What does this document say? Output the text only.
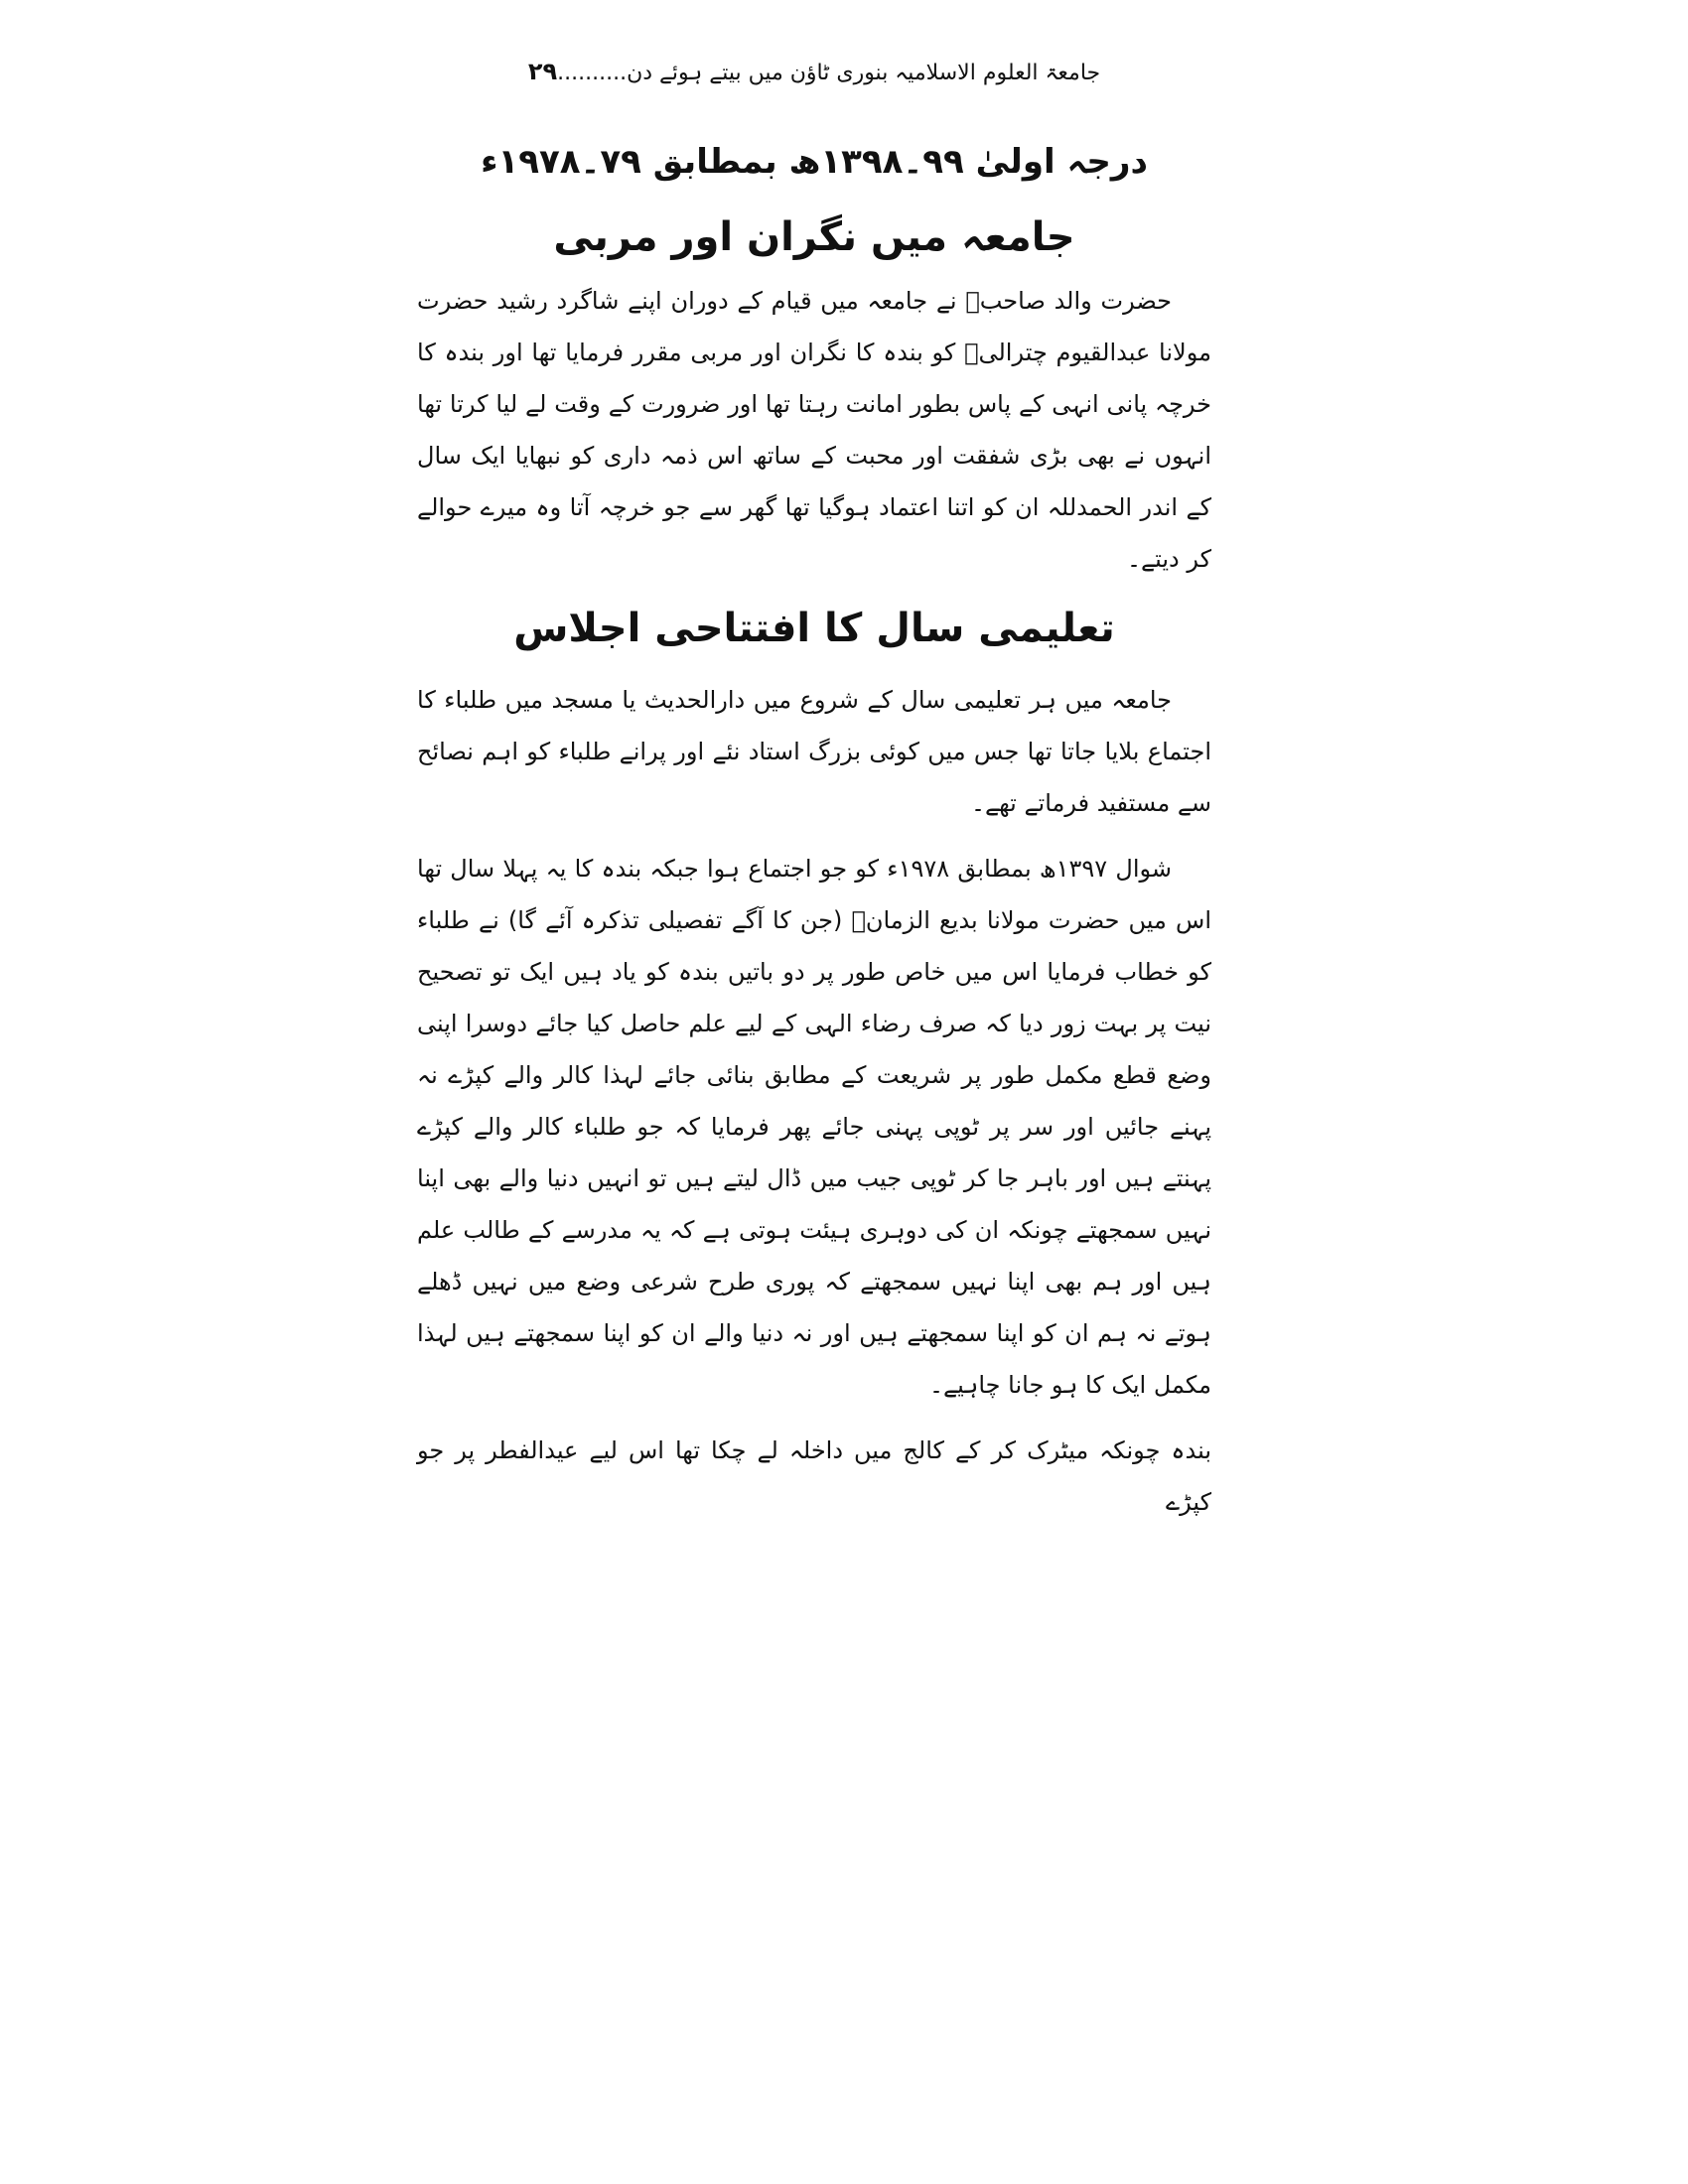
جامعۃ العلوم الاسلامیہ بنوری ٹاؤن میں بیتے ہوئے دن..........۲۹
درجہ اولیٰ ۹۹۔۱۳۹۸ھ بمطابق ۷۹۔۱۹۷۸ء
جامعہ میں نگران اور مربی

حضرت والد صاحبؒ نے جامعہ میں قیام کے دوران اپنے شاگرد رشید حضرت مولانا عبدالقیوم چترالیؒ کو بندہ کا نگران اور مربی مقرر فرمایا تھا اور بندہ کا خرچہ پانی انہی کے پاس بطور امانت رہتا تھا اور ضرورت کے وقت لے لیا کرتا تھا انہوں نے بھی بڑی شفقت اور محبت کے ساتھ اس ذمہ داری کو نبھایا ایک سال کے اندر الحمدللہ ان کو اتنا اعتماد ہوگیا تھا گھر سے جو خرچہ آتا وہ میرے حوالے کر دیتے۔

تعلیمی سال کا افتتاحی اجلاس

جامعہ میں ہر تعلیمی سال کے شروع میں دارالحدیث یا مسجد میں طلباء کا اجتماع بلایا جاتا تھا جس میں کوئی بزرگ استاد نئے اور پرانے طلباء کو اہم نصائح سے مستفید فرماتے تھے۔

شوال ۱۳۹۷ھ بمطابق ۱۹۷۸ء کو جو اجتماع ہوا جبکہ بندہ کا یہ پہلا سال تھا اس میں حضرت مولانا بدیع الزمانؒ (جن کا آگے تفصیلی تذکرہ آئے گا) نے طلباء کو خطاب فرمایا اس میں خاص طور پر دو باتیں بندہ کو یاد ہیں ایک تو تصحیح نیت پر بہت زور دیا کہ صرف رضاء الہی کے لیے علم حاصل کیا جائے دوسرا اپنی وضع قطع مکمل طور پر شریعت کے مطابق بنائی جائے لہذا کالر والے کپڑے نہ پہنے جائیں اور سر پر ٹوپی پہنی جائے پھر فرمایا کہ جو طلباء کالر والے کپڑے پہنتے ہیں اور باہر جا کر ٹوپی جیب میں ڈال لیتے ہیں تو انہیں دنیا والے بھی اپنا نہیں سمجھتے چونکہ ان کی دوہری ہیئت ہوتی ہے کہ یہ مدرسے کے طالب علم ہیں اور ہم بھی اپنا نہیں سمجھتے کہ پوری طرح شرعی وضع میں نہیں ڈھلے ہوتے نہ ہم ان کو اپنا سمجھتے ہیں اور نہ دنیا والے ان کو اپنا سمجھتے ہیں لہذا مکمل ایک کا ہو جانا چاہیے۔

بندہ چونکہ میٹرک کر کے کالج میں داخلہ لے چکا تھا اس لیے عیدالفطر پر جو کپڑے
